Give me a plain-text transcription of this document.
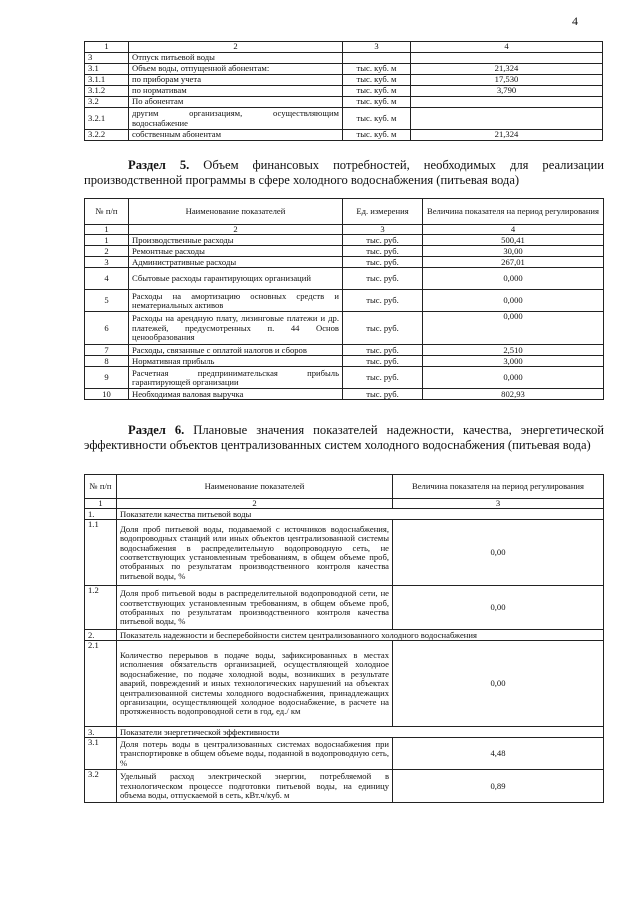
4
1	2	3	4
3	Отпуск питьевой воды		
3.1	Объем воды, отпущенной абонентам:	тыс. куб. м	21,324
3.1.1	по приборам учета	тыс. куб. м	17,530
3.1.2	по нормативам	тыс. куб. м	3,790
3.2	По абонентам	тыс. куб. м	
3.2.1	другим организациям, осуществляющим водоснабжение	тыс. куб. м	
3.2.2	собственным абонентам	тыс. куб. м	21,324
Раздел 5. Объем финансовых потребностей, необходимых для реализации производственной программы в сфере холодного водоснабжения (питьевая вода)
№ п/п	Наименование показателей	Ед. измерения	Величина показателя на период регулирования
1	2	3	4
1	Производственные расходы	тыс. руб.	500,41
2	Ремонтные расходы	тыс. руб.	30,00
3	Административные расходы	тыс. руб.	267,01
4	Сбытовые расходы гарантирующих организаций	тыс. руб.	0,000
5	Расходы на амортизацию основных средств и нематериальных активов	тыс. руб.	0,000
6	Расходы на арендную плату, лизинговые платежи и др. платежей, предусмотренных п. 44 Основ ценообразования	тыс. руб.	0,000
7	Расходы, связанные с оплатой налогов и сборов	тыс. руб.	2,510
8	Нормативная прибыль	тыс. руб.	3,000
9	Расчетная предпринимательская прибыль гарантирующей организации	тыс. руб.	0,000
10	Необходимая валовая выручка	тыс. руб.	802,93
Раздел 6. Плановые значения показателей надежности, качества, энергетической эффективности объектов централизованных систем холодного водоснабжения (питьевая вода)
№ п/п	Наименование показателей	Величина показателя на период регулирования
1	2	3
1.	Показатели качества питьевой воды	
1.1	Доля проб питьевой воды, подаваемой с источников водоснабжения, водопроводных станций или иных объектов централизованной системы водоснабжения в распределительную водопроводную сеть, не соответствующих установленным требованиям, в общем объеме проб, отобранных по результатам производственного контроля качества питьевой воды, %	0,00
1.2	Доля проб питьевой воды в распределительной водопроводной сети, не соответствующих установленным требованиям, в общем объеме проб, отобранных по результатам производственного контроля качества питьевой воды, %	0,00
2.	Показатель надежности и бесперебойности систем централизованного холодного водоснабжения	
2.1	Количество перерывов в подаче воды, зафиксированных в местах исполнения обязательств организацией, осуществляющей холодное водоснабжение, по подаче холодной воды, возникших в результате аварий, повреждений и иных технологических нарушений на объектах централизованной системы холодного водоснабжения, принадлежащих организации, осуществляющей холодное водоснабжение, в расчете на протяженность водопроводной сети в год, ед./ км	0,00
3.	Показатели энергетической эффективности	
3.1	Доля потерь воды в централизованных системах водоснабжения при транспортировке в общем объеме воды, поданной в водопроводную сеть, %	4,48
3.2	Удельный расход электрической энергии, потребляемой в технологическом процессе подготовки питьевой воды, на единицу объема воды, отпускаемой в сеть, кВт.ч/куб. м	0,89
